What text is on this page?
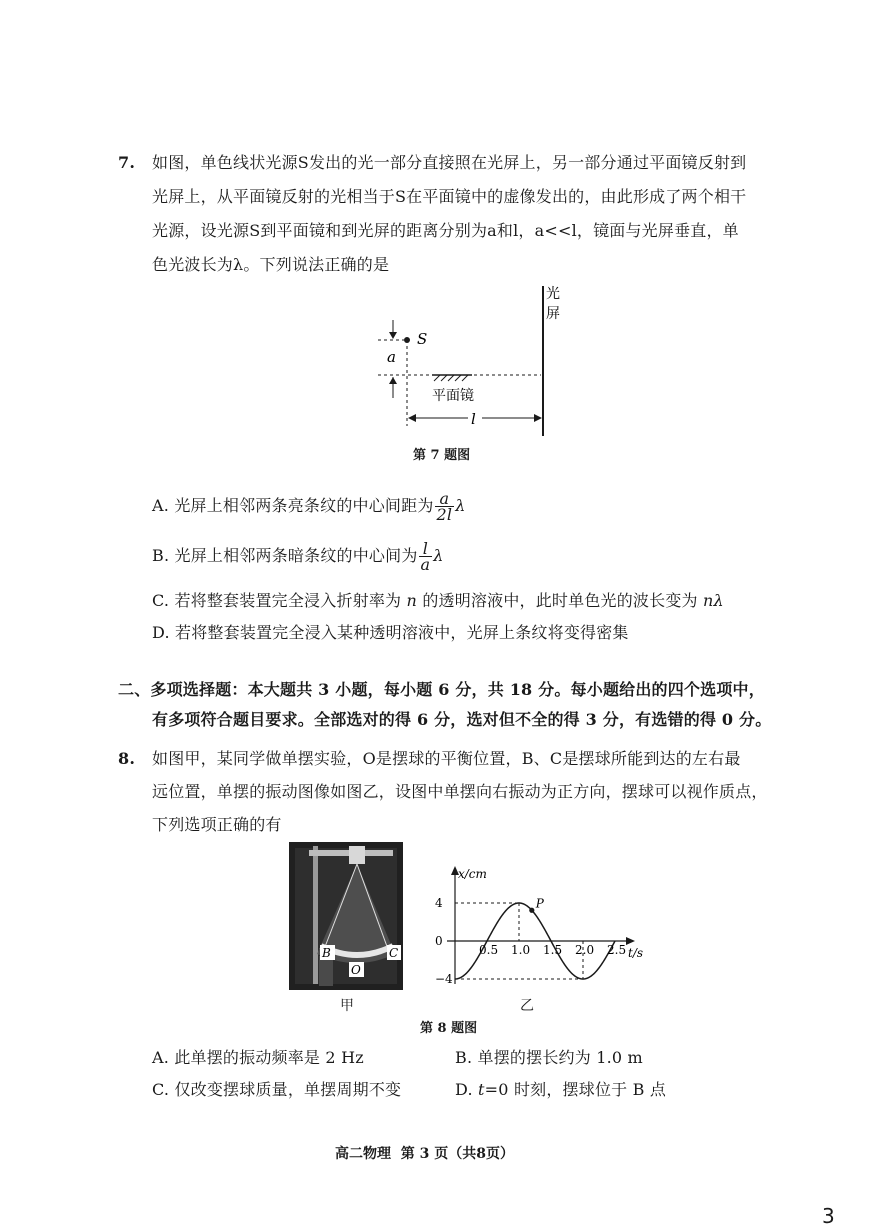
7. 如图，单色线状光源S发出的光一部分直接照在光屏上，另一部分通过平面镜反射到
光屏上，从平面镜反射的光相当于S在平面镜中的虚像发出的，由此形成了两个相干
光源，设光源S到平面镜和到光屏的距离分别为a和l，a<<l，镜面与光屏垂直，单
色光波长为λ。下列说法正确的是
光
屏
S
a
平面镜
l
第 7 题图
A. 光屏上相邻两条亮条纹的中心间距为 $\frac{a}{2l}$ λ
B. 光屏上相邻两条暗条纹的中心间为 $\frac{l}{a}$ λ
C. 若将整套装置完全浸入折射率为 n 的透明溶液中，此时单色光的波长变为 nλ
D. 若将整套装置完全浸入某种透明溶液中，光屏上条纹将变得密集
二、多项选择题：本大题共 3 小题，每小题 6 分，共 18 分。每小题给出的四个选项中，
有多项符合题目要求。全部选对的得 6 分，选对但不全的得 3 分，有选错的得 0 分。
8. 如图甲，某同学做单摆实验，O是摆球的平衡位置，B、C是摆球所能到达的左右最
远位置，单摆的振动图像如图乙，设图中单摆向右振动为正方向，摆球可以视作质点，
下列选项正确的有
B
O
C
甲
x/cm
t/s
4
0
−4
0.5 1.0 1.5 2.0 2.5
P
乙
第 8 题图
A. 此单摆的振动频率是 2 Hz	B. 单摆的摆长约为 1.0 m
C. 仅改变摆球质量，单摆周期不变	D. t=0 时刻，摆球位于 B 点
高二物理  第 3 页（共8页）
3
